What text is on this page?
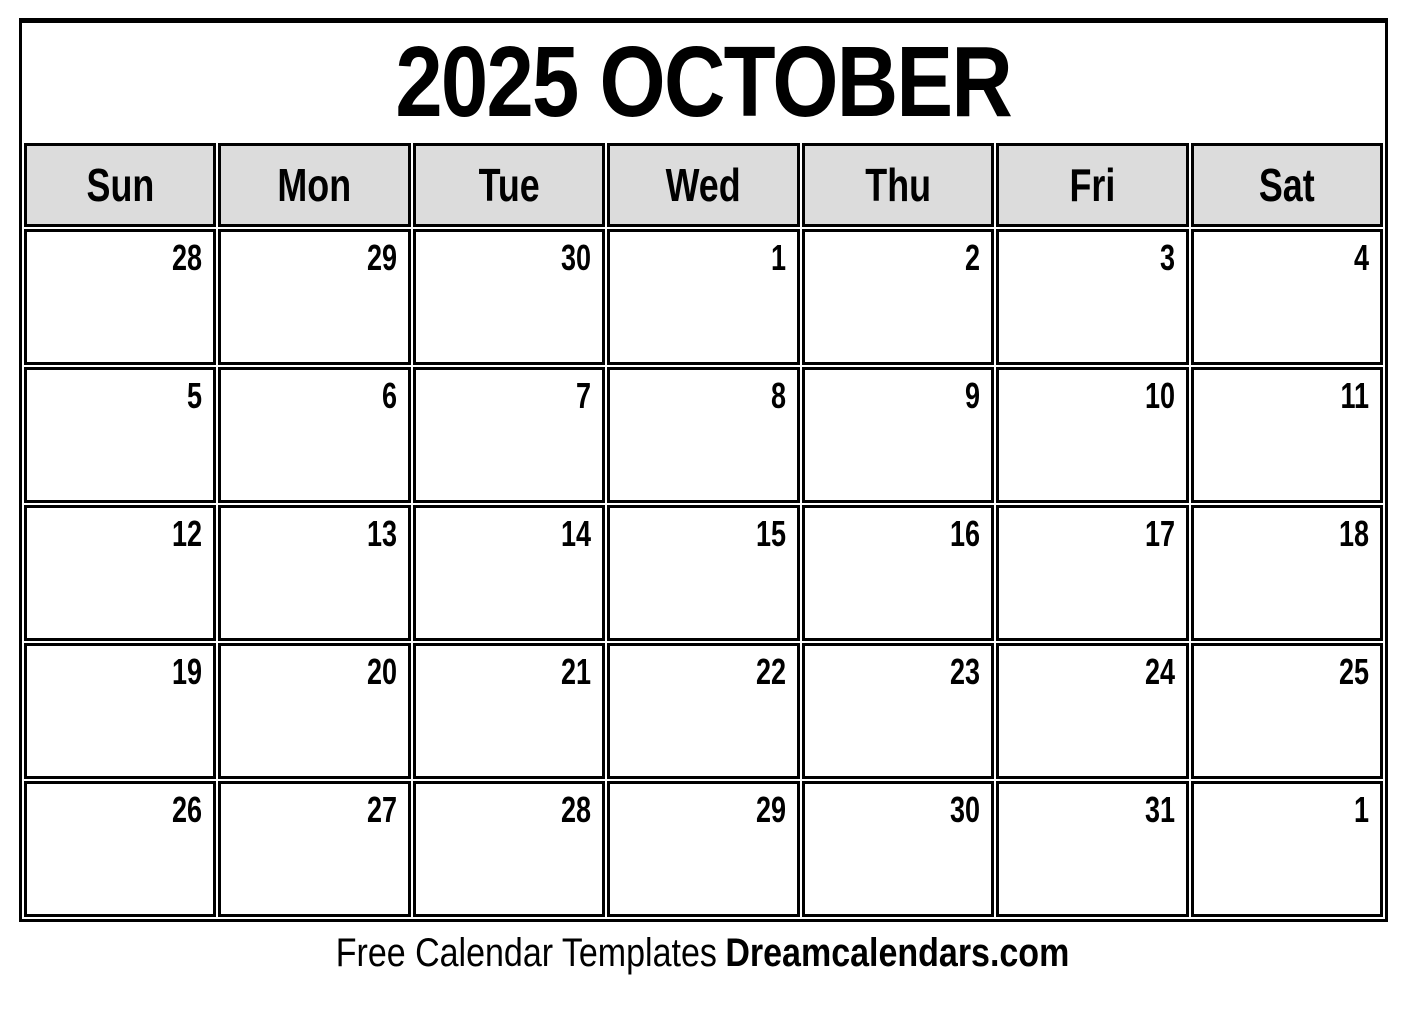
2025 OCTOBER
Sun	Mon	Tue	Wed	Thu	Fri	Sat
28	29	30	1	2	3	4
5	6	7	8	9	10	11
12	13	14	15	16	17	18
19	20	21	22	23	24	25
26	27	28	29	30	31	1
Free Calendar Templates Dreamcalendars.com
